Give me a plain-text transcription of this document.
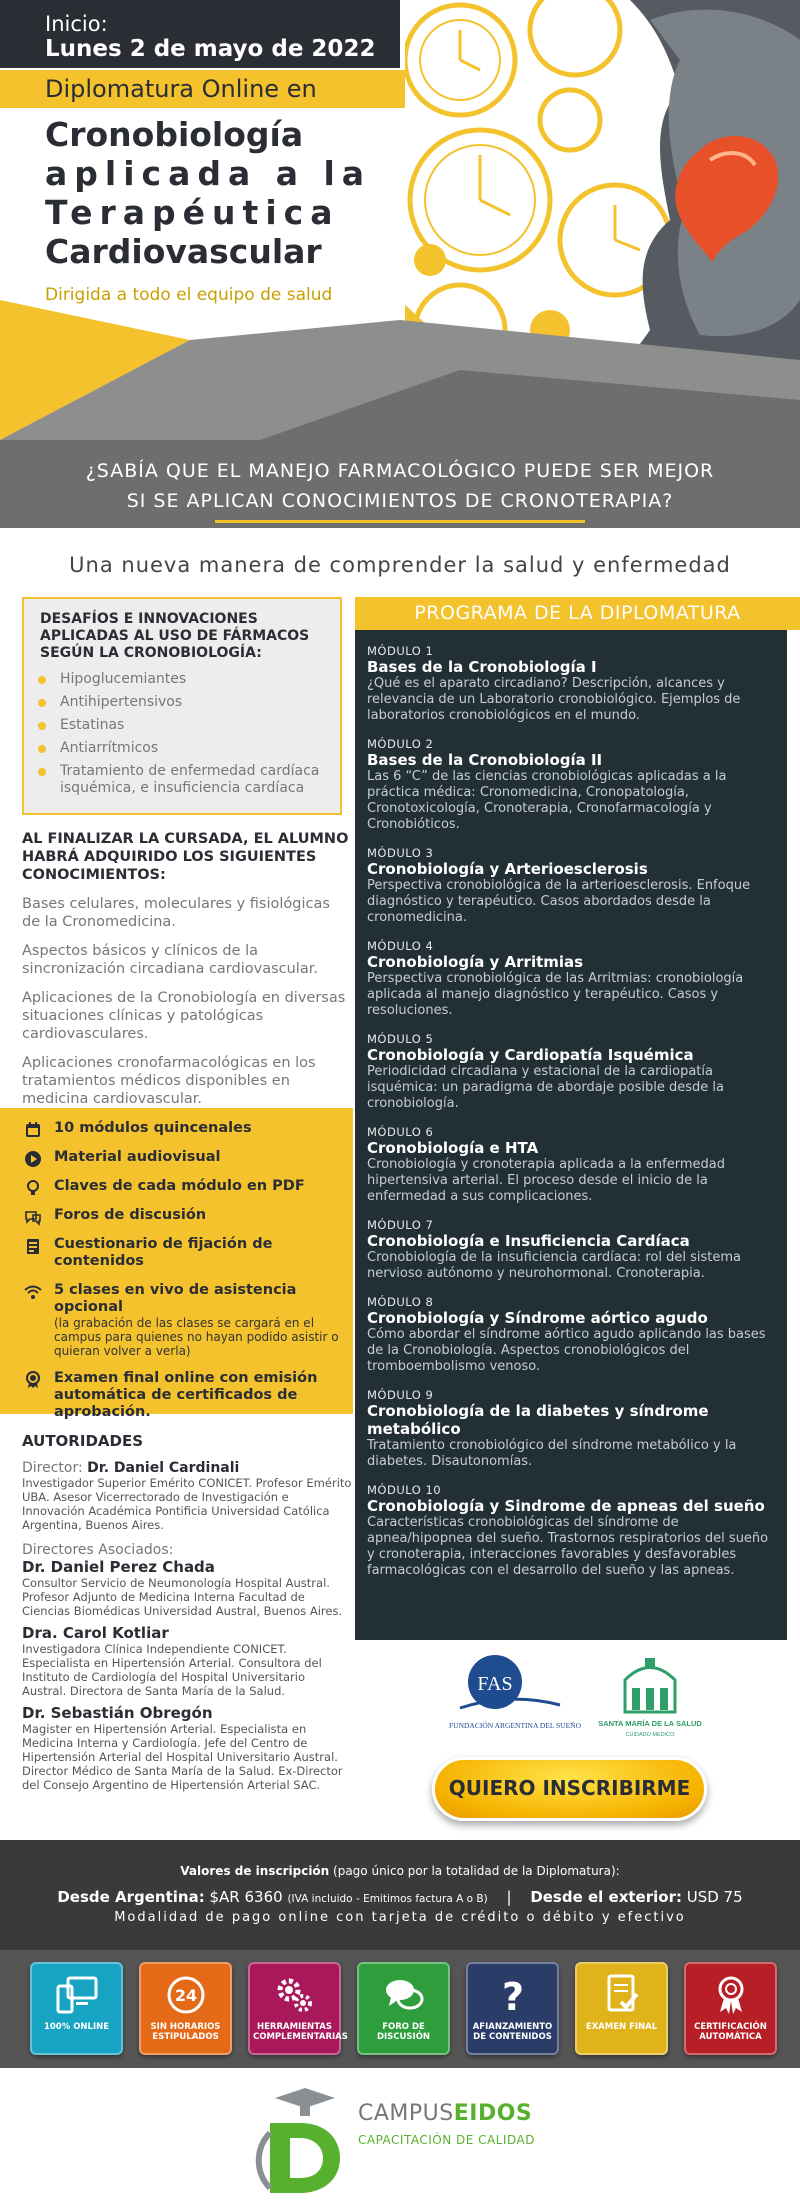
Inicio:
Lunes 2 de mayo de 2022
Diplomatura Online en
Cronobiología
aplicada a la
Terapéutica
Cardiovascular
Dirigida a todo el equipo de salud
¿SABÍA QUE EL MANEJO FARMACOLÓGICO PUEDE SER MEJOR
SI SE APLICAN CONOCIMIENTOS DE CRONOTERAPIA?
Una nueva manera de comprender la salud y enfermedad
DESAFÍOS E INNOVACIONES APLICADAS AL USO DE FÁRMACOS SEGÚN LA CRONOBIOLOGÍA:
Hipoglucemiantes
Antihipertensivos
Estatinas
Antiarrítmicos
Tratamiento de enfermedad cardíaca isquémica, e insuficiencia cardíaca
AL FINALIZAR LA CURSADA, EL ALUMNO HABRÁ ADQUIRIDO LOS SIGUIENTES CONOCIMIENTOS:

Bases celulares, moleculares y fisiológicas de la Cronomedicina.

Aspectos básicos y clínicos de la sincronización circadiana cardiovascular.

Aplicaciones de la Cronobiología en diversas situaciones clínicas y patológicas cardiovasculares.

Aplicaciones cronofarmacológicas en los tratamientos médicos disponibles en medicina cardiovascular.

10 módulos quincenales
Material audiovisual
Claves de cada módulo en PDF
Foros de discusión
Cuestionario de fijación de contenidos
5 clases en vivo de asistencia opcional
(la grabación de las clases se cargará en el campus para quienes no hayan podido asistir o quieran volver a verla)
Examen final online con emisión automática de certificados de aprobación.
AUTORIDADES
Director: Dr. Daniel Cardinali
Investigador Superior Emérito CONICET. Profesor Emérito UBA. Asesor Vicerrectorado de Investigación e Innovación Académica Pontificia Universidad Católica Argentina, Buenos Aires.
Directores Asociados:
Dr. Daniel Perez Chada
Consultor Servicio de Neumonología Hospital Austral. Profesor Adjunto de Medicina Interna Facultad de Ciencias Biomédicas Universidad Austral, Buenos Aires.
Dra. Carol Kotliar
Investigadora Clínica Independiente CONICET. Especialista en Hipertensión Arterial. Consultora del Instituto de Cardiología del Hospital Universitario Austral. Directora de Santa María de la Salud.
Dr. Sebastián Obregón
Magister en Hipertensión Arterial. Especialista en Medicina Interna y Cardiología. Jefe del Centro de Hipertensión Arterial del Hospital Universitario Austral. Director Médico de Santa María de la Salud. Ex-Director del Consejo Argentino de Hipertensión Arterial SAC.
PROGRAMA DE LA DIPLOMATURA
MÓDULO 1
Bases de la Cronobiología I
¿Qué es el aparato circadiano? Descripción, alcances y relevancia de un Laboratorio cronobiológico. Ejemplos de laboratorios cronobiológicos en el mundo.
MÓDULO 2
Bases de la Cronobiología II
Las 6 “C” de las ciencias cronobiológicas aplicadas a la práctica médica: Cronomedicina, Cronopatología, Cronotoxicología, Cronoterapia, Cronofarmacología y Cronobióticos.
MÓDULO 3
Cronobiología y Arterioesclerosis
Perspectiva cronobiológica de la arterioesclerosis. Enfoque diagnóstico y terapéutico. Casos abordados desde la cronomedicina.
MÓDULO 4
Cronobiología y Arritmias
Perspectiva cronobiológica de las Arritmias: cronobiología aplicada al manejo diagnóstico y terapéutico. Casos y resoluciones.
MÓDULO 5
Cronobiología y Cardiopatía Isquémica
Periodicidad circadiana y estacional de la cardiopatía isquémica: un paradigma de abordaje posible desde la cronobiología.
MÓDULO 6
Cronobiología e HTA
Cronobiología y cronoterapia aplicada a la enfermedad hipertensiva arterial. El proceso desde el inicio de la enfermedad a sus complicaciones.
MÓDULO 7
Cronobiología e Insuficiencia Cardíaca
Cronobiología de la insuficiencia cardíaca: rol del sistema nervioso autónomo y neurohormonal. Cronoterapia.
MÓDULO 8
Cronobiología y Síndrome aórtico agudo
Cómo abordar el síndrome aórtico agudo aplicando las bases de la Cronobiología. Aspectos cronobiológicos del tromboembolismo venoso.
MÓDULO 9
Cronobiología de la diabetes y síndrome metabólico
Tratamiento cronobiológico del síndrome metabólico y la diabetes. Disautonomías.
MÓDULO 10
Cronobiología y Sindrome de apneas del sueño
Características cronobiológicas del síndrome de apnea/hipopnea del sueño. Trastornos respiratorios del sueño y cronoterapia, interacciones favorables y desfavorables farmacológicas con el desarrollo del sueño y las apneas.
FAS
FUNDACIÓN ARGENTINA DEL SUEÑO SANTA MARÍA DE LA SALUD
CUIDADO MEDICO
QUIERO INSCRIBIRME
Valores de inscripción (pago único por la totalidad de la Diplomatura):
Desde Argentina: $AR 6360 (IVA incluido - Emitimos factura A o B) | Desde el exterior: USD 75
Modalidad de pago online con tarjeta de crédito o débito y efectivo
100% ONLINE
24
SIN HORARIOS ESTIPULADOS
HERRAMIENTAS COMPLEMENTARIAS
FORO DE DISCUSIÓN
?
AFIANZAMIENTO DE CONTENIDOS
EXAMEN FINAL	CERTIFICACIÓN AUTOMÁTICA
CAMPUSEIDOS
CAPACITACIÓN DE CALIDAD
